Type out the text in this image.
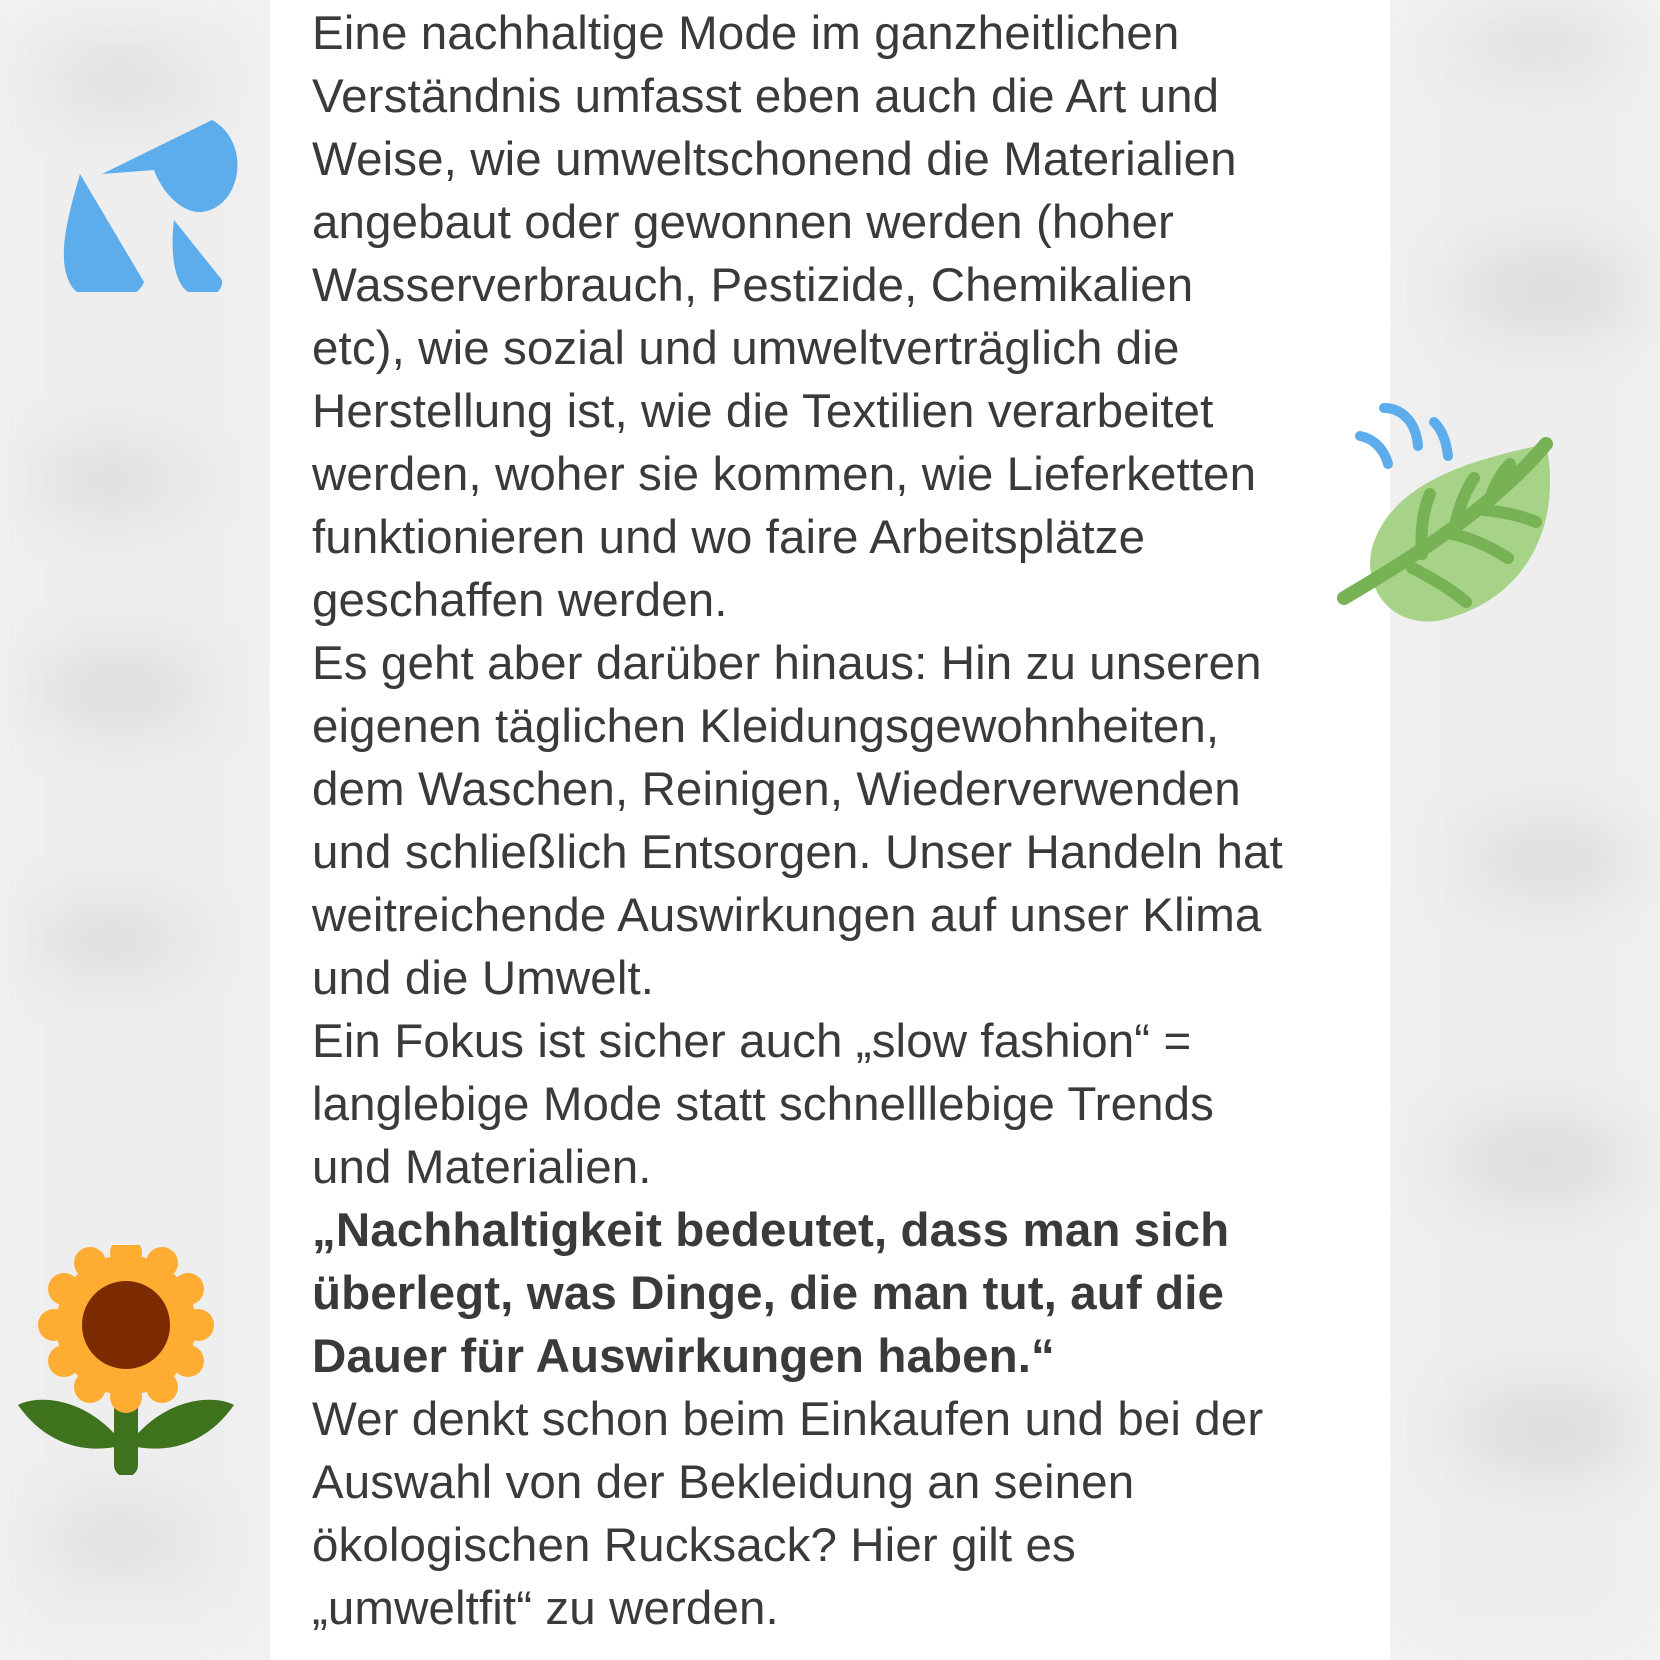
Eine nachhaltige Mode im ganzheitlichen
Verständnis umfasst eben auch die Art und
Weise, wie umweltschonend die Materialien
angebaut oder gewonnen werden (hoher
Wasserverbrauch, Pestizide, Chemikalien
etc), wie sozial und umweltverträglich die
Herstellung ist, wie die Textilien verarbeitet
werden, woher sie kommen, wie Lieferketten
funktionieren und wo faire Arbeitsplätze
geschaffen werden.
Es geht aber darüber hinaus: Hin zu unseren
eigenen täglichen Kleidungsgewohnheiten,
dem Waschen, Reinigen, Wiederverwenden
und schließlich Entsorgen. Unser Handeln hat
weitreichende Auswirkungen auf unser Klima
und die Umwelt.
Ein Fokus ist sicher auch „slow fashion“ =
langlebige Mode statt schnelllebige Trends
und Materialien.
„Nachhaltigkeit bedeutet, dass man sich
überlegt, was Dinge, die man tut, auf die
Dauer für Auswirkungen haben.“
Wer denkt schon beim Einkaufen und bei der
Auswahl von der Bekleidung an seinen
ökologischen Rucksack? Hier gilt es
„umweltfit“ zu werden.
